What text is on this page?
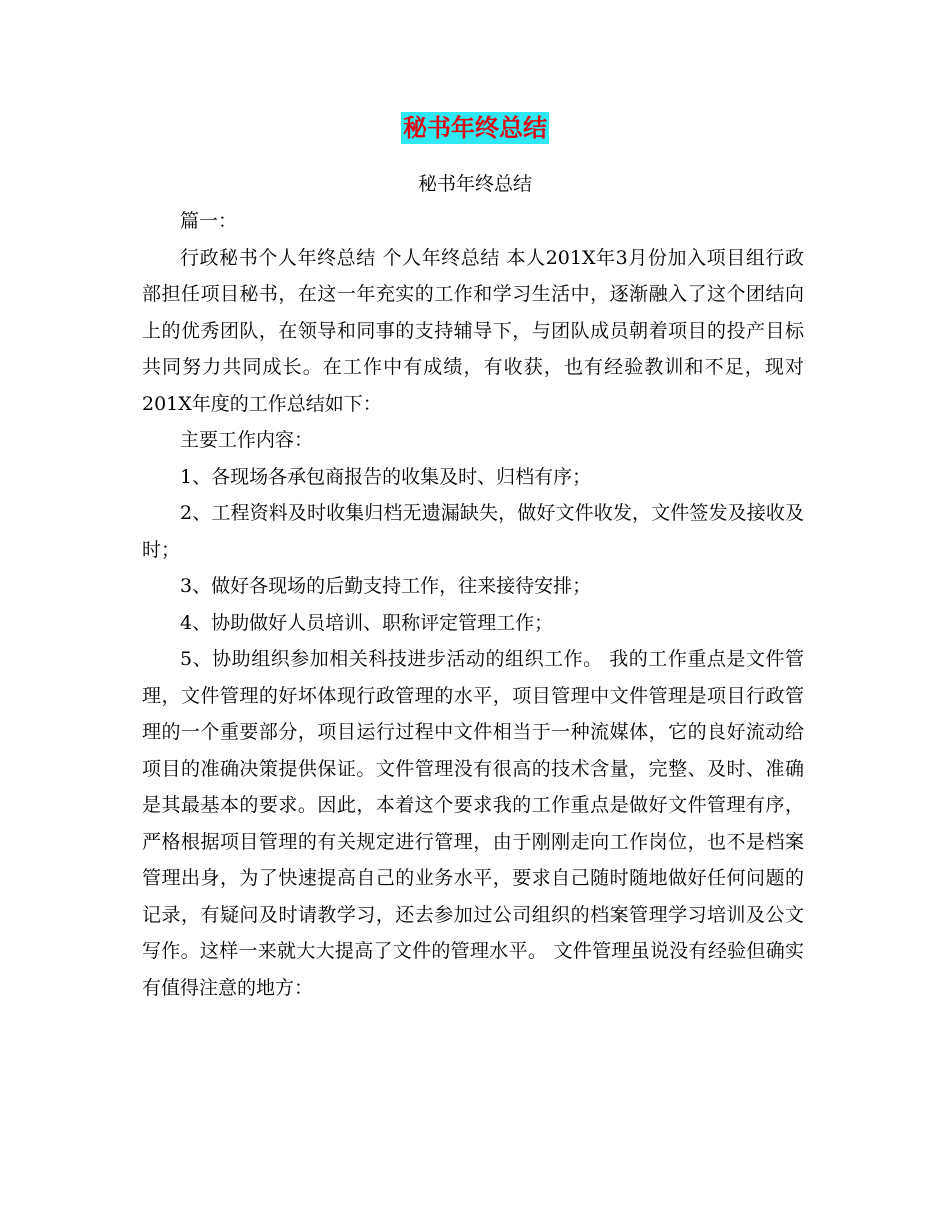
秘书年终总结
秘书年终总结

篇一：

行政秘书个人年终总结 个人年终总结 本人201X年3月份加入项目组行政部担任项目秘书，在这一年充实的工作和学习生活中，逐渐融入了这个团结向上的优秀团队，在领导和同事的支持辅导下，与团队成员朝着项目的投产目标共同努力共同成长。在工作中有成绩，有收获，也有经验教训和不足，现对201X年度的工作总结如下：

主要工作内容：

1、各现场各承包商报告的收集及时、归档有序；

2、工程资料及时收集归档无遗漏缺失，做好文件收发，文件签发及接收及时；

3、做好各现场的后勤支持工作，往来接待安排；

4、协助做好人员培训、职称评定管理工作；

5、协助组织参加相关科技进步活动的组织工作。 我的工作重点是文件管理，文件管理的好坏体现行政管理的水平，项目管理中文件管理是项目行政管理的一个重要部分，项目运行过程中文件相当于一种流媒体，它的良好流动给项目的准确决策提供保证。文件管理没有很高的技术含量，完整、及时、准确是其最基本的要求。因此，本着这个要求我的工作重点是做好文件管理有序，严格根据项目管理的有关规定进行管理，由于刚刚走向工作岗位，也不是档案管理出身，为了快速提高自己的业务水平，要求自己随时随地做好任何问题的记录，有疑问及时请教学习，还去参加过公司组织的档案管理学习培训及公文写作。这样一来就大大提高了文件的管理水平。 文件管理虽说没有经验但确实有值得注意的地方：
